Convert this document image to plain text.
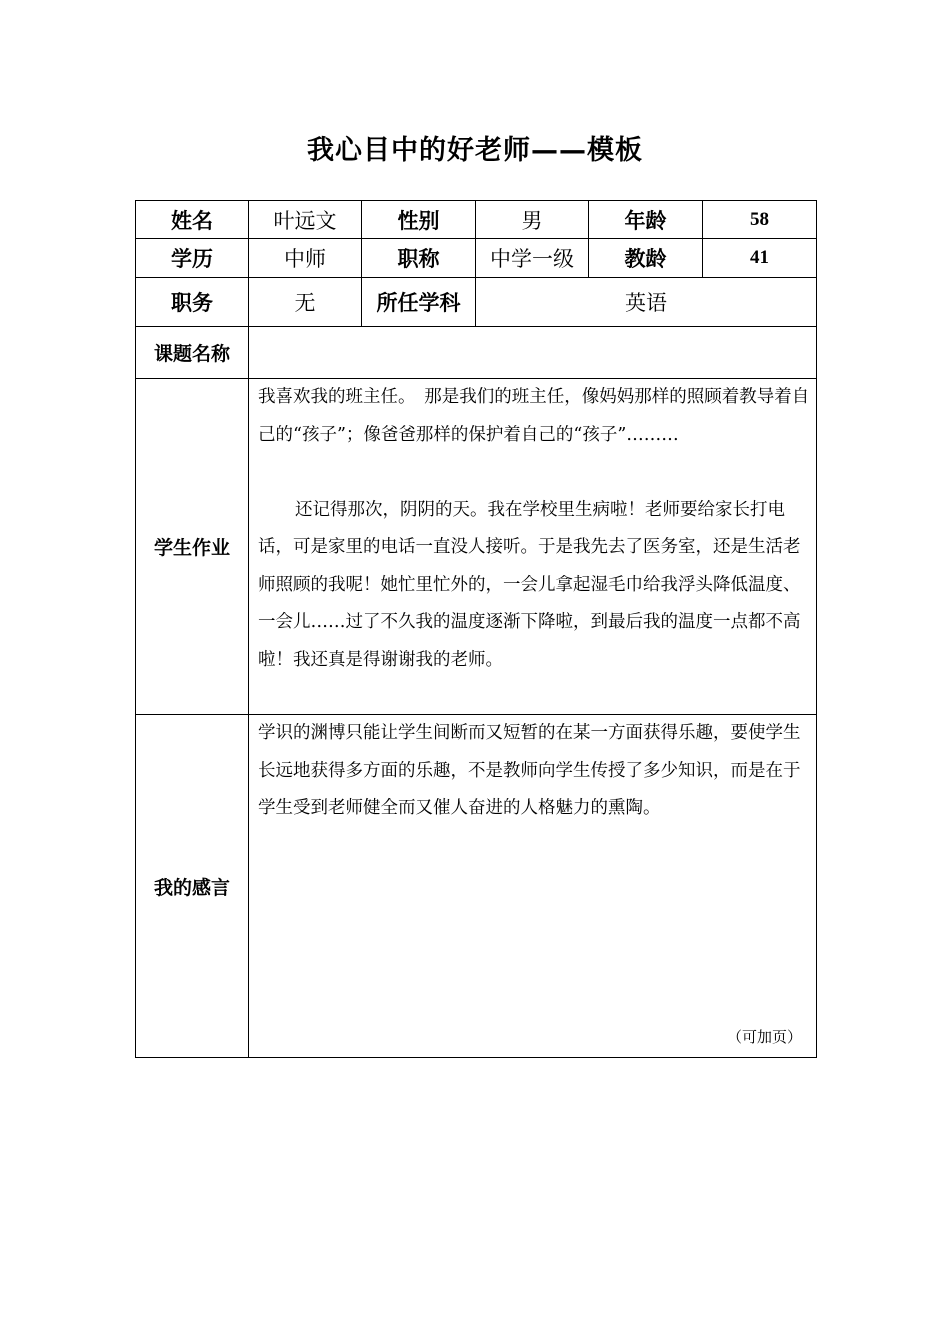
我心目中的好老师——模板
姓名	叶远文	性别	男	年龄	58
学历	中师	职称	中学一级	教龄	41
职务	无	所任学科	英语		
课题名称					
学生作业	我喜欢我的班主任。　那是我们的班主任，像妈妈那样的照顾着教导着自己的“孩子”；像爸爸那样的保护着自己的“孩子”………

还记得那次，阴阴的天。我在学校里生病啦！老师要给家长打电话，可是家里的电话一直没人接听。于是我先去了医务室，还是生活老师照顾的我呢！她忙里忙外的，一会儿拿起湿毛巾给我浮头降低温度、一会儿……过了不久我的温度逐渐下降啦，到最后我的温度一点都不高啦！我还真是得谢谢我的老师。				

我的感言	学识的渊博只能让学生间断而又短暂的在某一方面获得乐趣，要使学生长远地获得多方面的乐趣，不是教师向学生传授了多少知识，而是在于学生受到老师健全而又催人奋进的人格魅力的熏陶。

（可加页）				
